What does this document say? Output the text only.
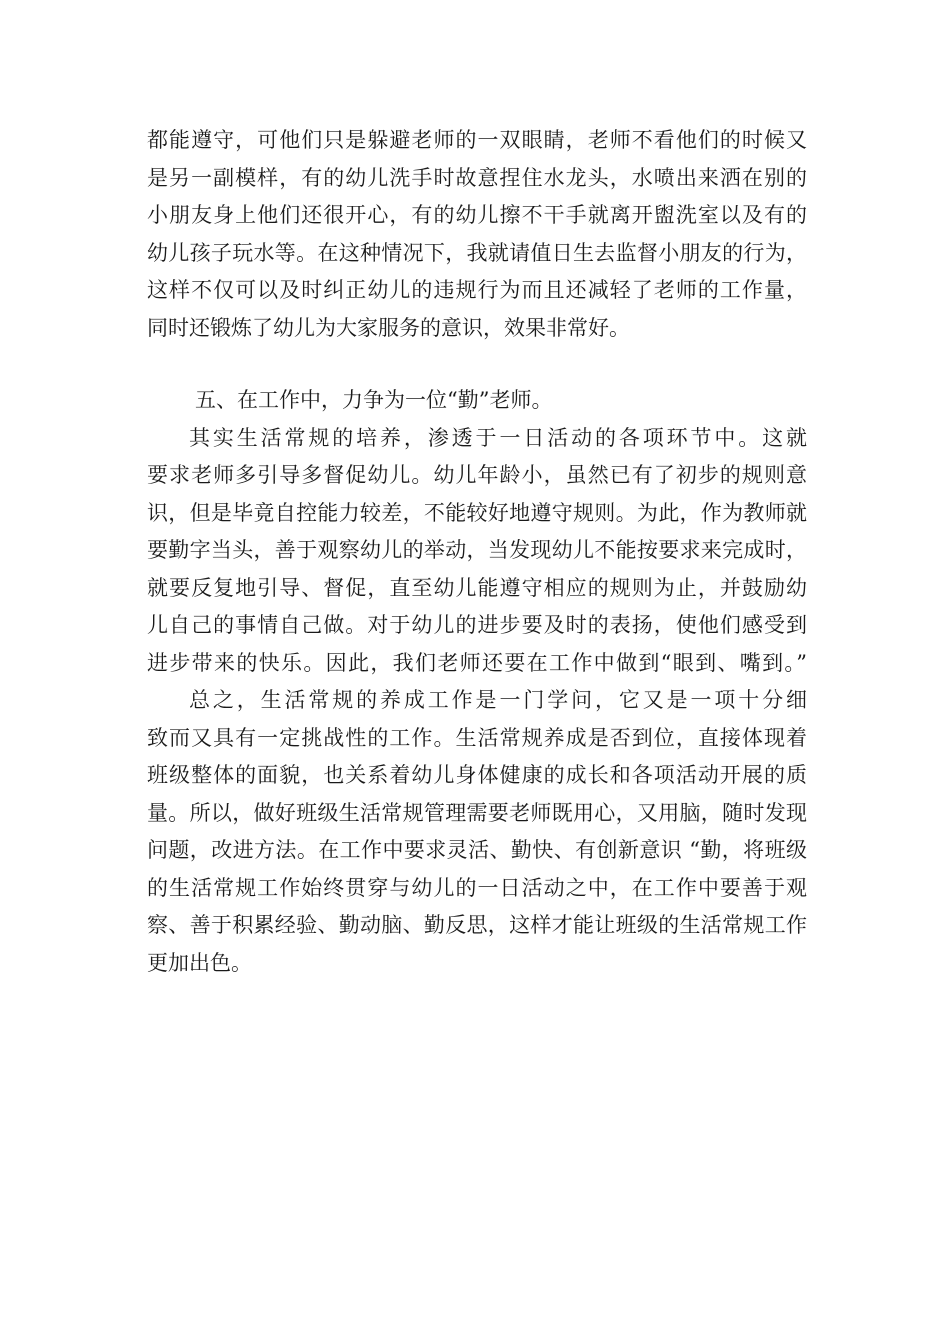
都能遵守，可他们只是躲避老师的一双眼睛，老师不看他们的时候又
是另一副模样，有的幼儿洗手时故意捏住水龙头，水喷出来洒在别的
小朋友身上他们还很开心，有的幼儿擦不干手就离开盥洗室以及有的
幼儿孩子玩水等。在这种情况下，我就请值日生去监督小朋友的行为，
这样不仅可以及时纠正幼儿的违规行为而且还减轻了老师的工作量，
同时还锻炼了幼儿为大家服务的意识，效果非常好。
五、在工作中，力争为一位“勤”老师。
其实生活常规的培养，渗透于一日活动的各项环节中。这就
要求老师多引导多督促幼儿。幼儿年龄小，虽然已有了初步的规则意
识，但是毕竟自控能力较差，不能较好地遵守规则。为此，作为教师就
要勤字当头，善于观察幼儿的举动，当发现幼儿不能按要求来完成时，
就要反复地引导、督促，直至幼儿能遵守相应的规则为止，并鼓励幼
儿自己的事情自己做。对于幼儿的进步要及时的表扬，使他们感受到
进步带来的快乐。因此，我们老师还要在工作中做到“眼到、嘴到。”
总之，生活常规的养成工作是一门学问，它又是一项十分细
致而又具有一定挑战性的工作。生活常规养成是否到位，直接体现着
班级整体的面貌，也关系着幼儿身体健康的成长和各项活动开展的质
量。所以，做好班级生活常规管理需要老师既用心，又用脑，随时发现
问题，改进方法。在工作中要求灵活、勤快、有创新意识 “勤，将班级
的生活常规工作始终贯穿与幼儿的一日活动之中，在工作中要善于观
察、善于积累经验、勤动脑、勤反思，这样才能让班级的生活常规工作
更加出色。
